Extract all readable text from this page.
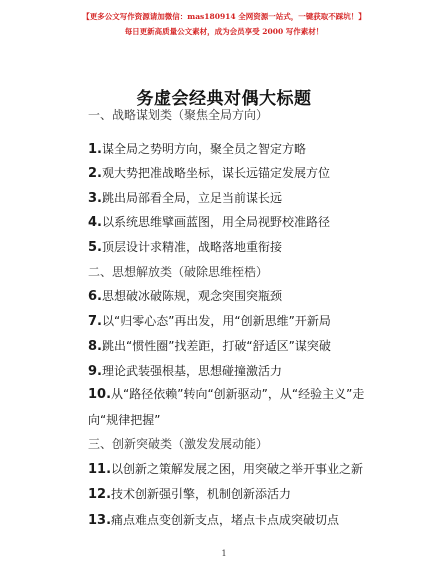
【更多公文写作资源请加微信：mas180914 全网资源一站式，一键获取不踩坑！】
每日更新高质量公文素材，成为会员享受 2000 写作素材！
务虚会经典对偶大标题
一、战略谋划类（聚焦全局方向）
1.谋全局之势明方向，聚全员之智定方略
2.观大势把准战略坐标，谋长远锚定发展方位
3.跳出局部看全局，立足当前谋长远
4.以系统思维擘画蓝图，用全局视野校准路径
5.顶层设计求精准，战略落地重衔接
二、思想解放类（破除思维桎梏）
6.思想破冰破陈规，观念突围突瓶颈
7.以“归零心态”再出发，用“创新思维”开新局
8.跳出“惯性圈”找差距，打破“舒适区”谋突破
9.理论武装强根基，思想碰撞激活力
10.从“路径依赖”转向“创新驱动”，从“经验主义”走
向“规律把握”
三、创新突破类（激发发展动能）
11.以创新之策解发展之困，用突破之举开事业之新
12.技术创新强引擎，机制创新添活力
13.痛点难点变创新支点，堵点卡点成突破切点
1
